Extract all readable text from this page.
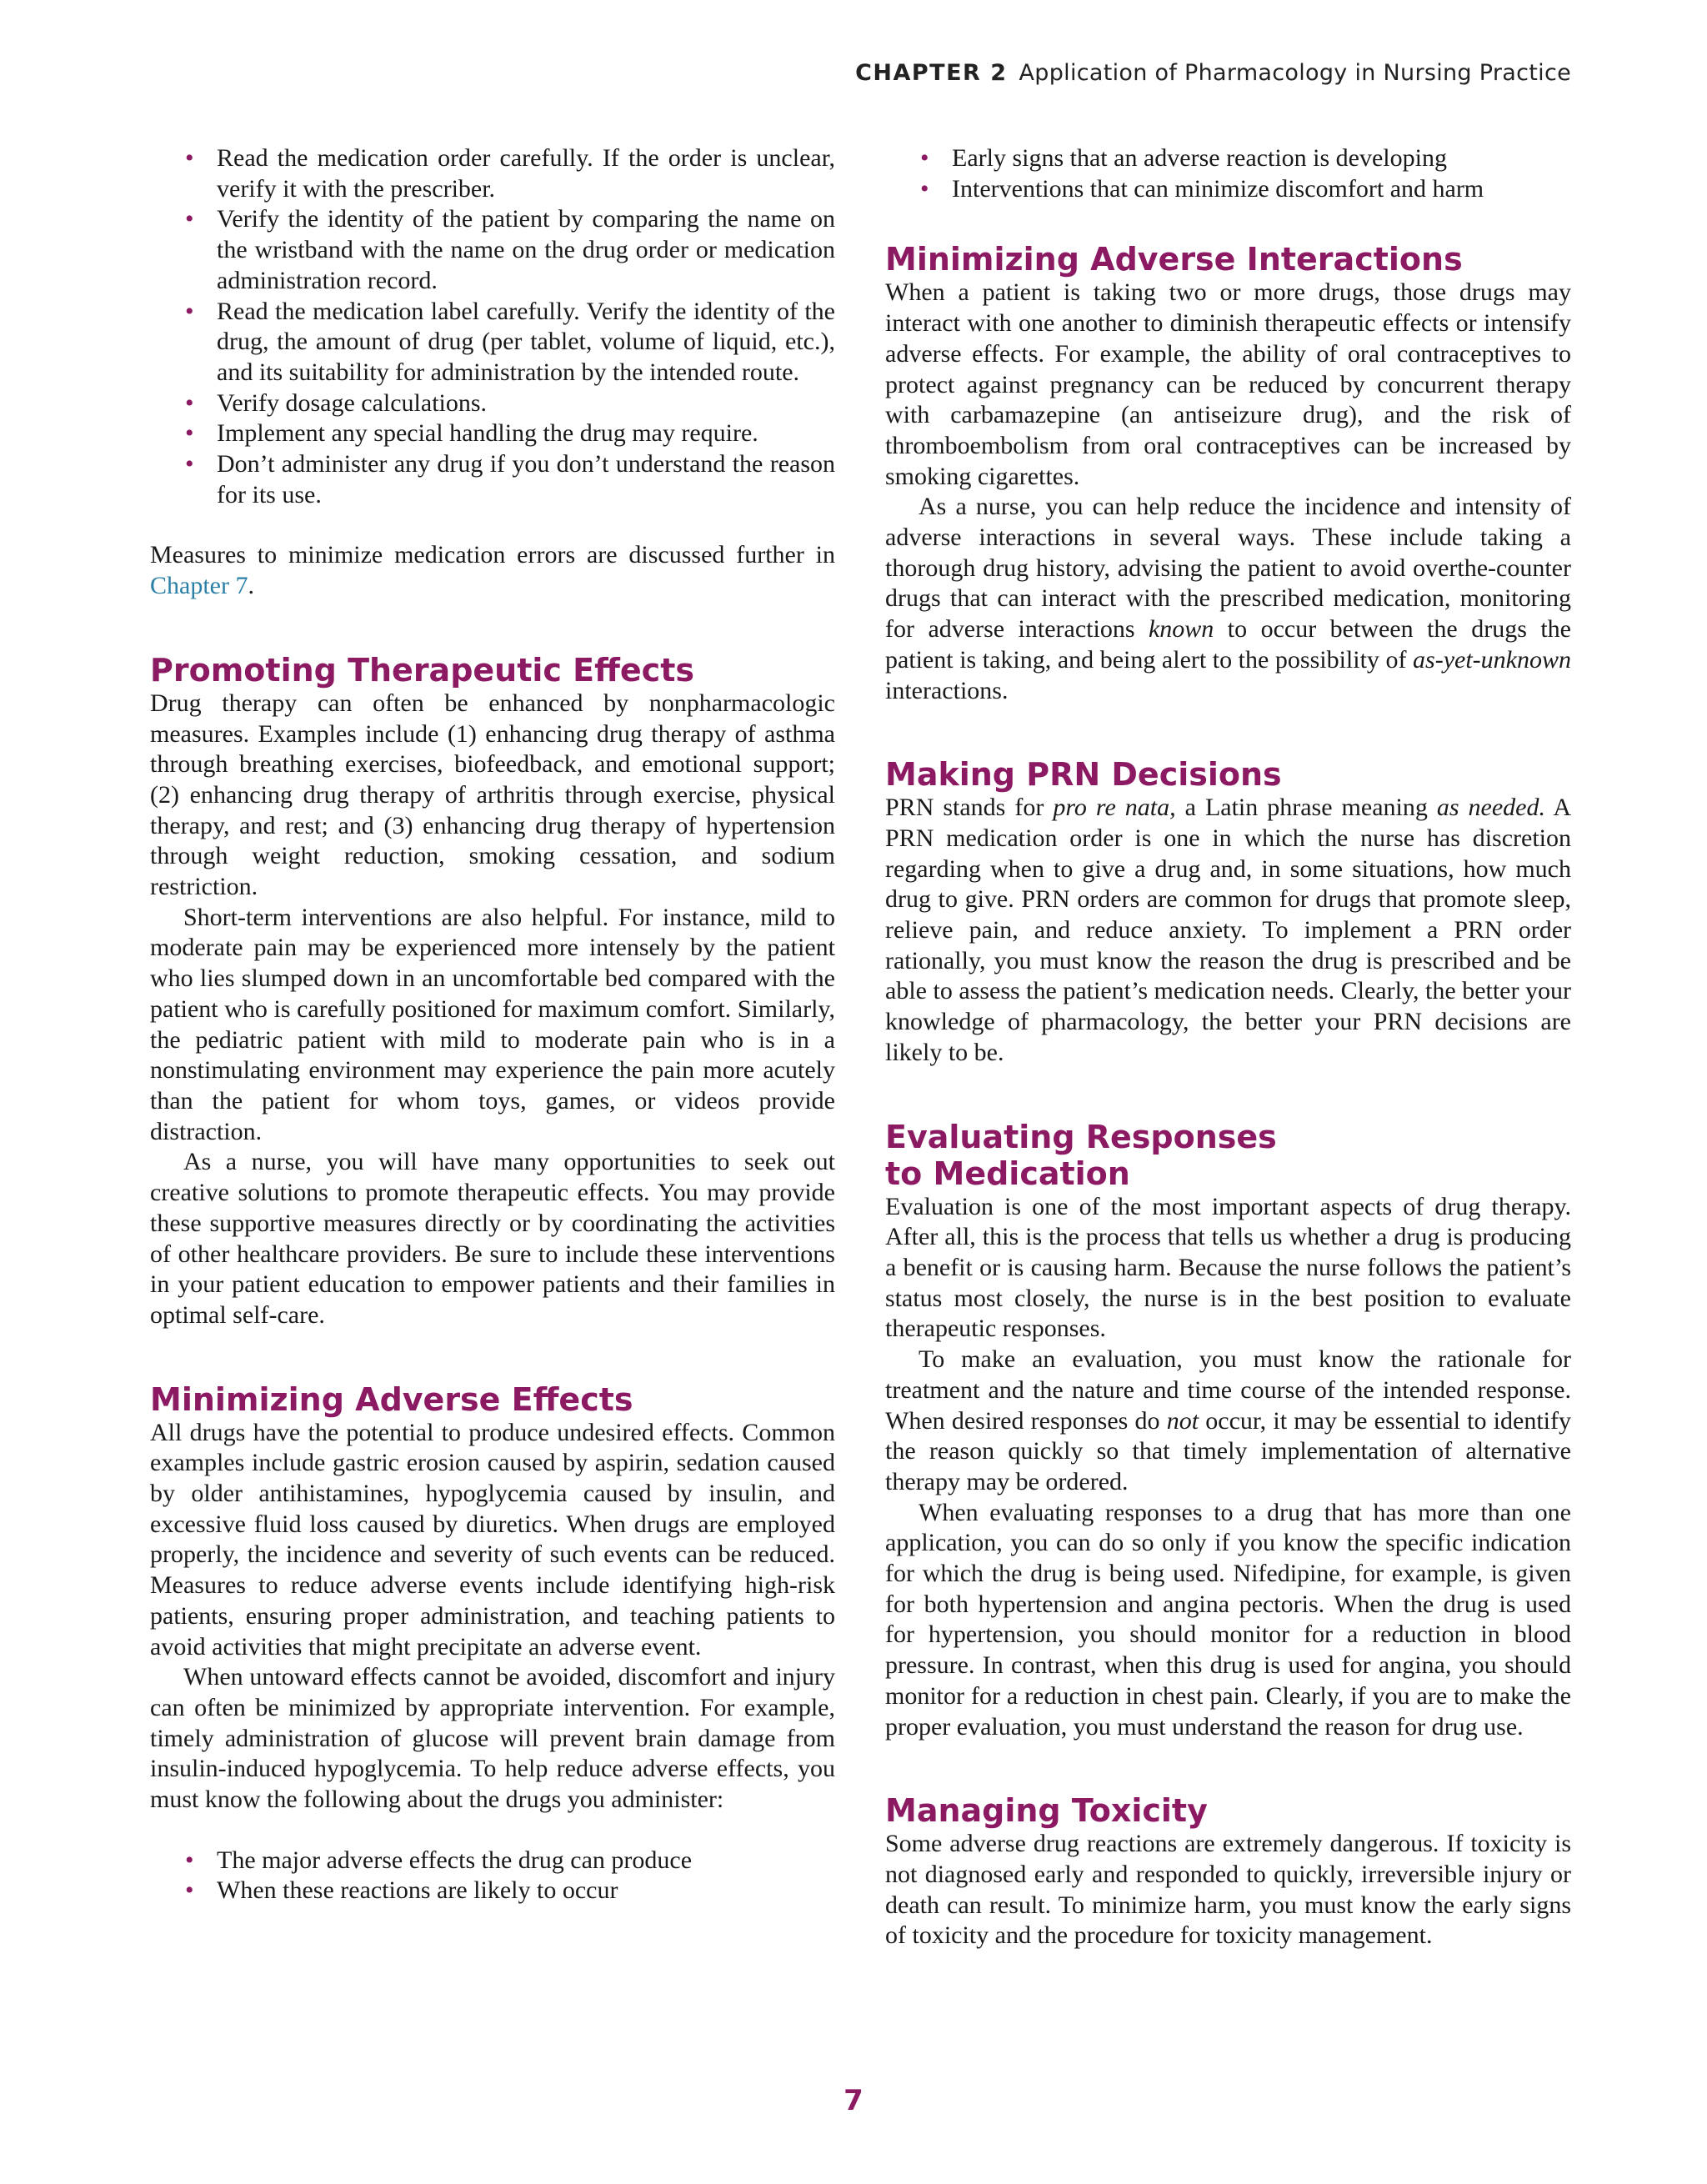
CHAPTER 2 Application of Pharmacology in Nursing Practice
• Read the medication order carefully. If the order is unclear, verify it with the prescriber.
• Verify the identity of the patient by comparing the name on the wristband with the name on the drug order or medication administration record.
• Read the medication label carefully. Verify the identity of the drug, the amount of drug (per tablet, volume of liquid, etc.), and its suitability for administration by the intended route.
• Verify dosage calculations.
• Implement any special handling the drug may require.
• Don’t administer any drug if you don’t understand the reason for its use.

Measures to minimize medication errors are discussed further in Chapter 7.

Promoting Therapeutic Effects

Drug therapy can often be enhanced by nonpharmacologic measures. Examples include (1) enhancing drug therapy of asthma through breathing exercises, biofeedback, and emotional support; (2) enhancing drug therapy of arthritis through exercise, physical therapy, and rest; and (3) enhancing drug therapy of hypertension through weight reduction, smoking cessation, and sodium restriction.

Short-term interventions are also helpful. For instance, mild to moderate pain may be experienced more intensely by the patient who lies slumped down in an uncomfortable bed compared with the patient who is carefully positioned for maximum comfort. Similarly, the pediatric patient with mild to moderate pain who is in a nonstimulating environment may experience the pain more acutely than the patient for whom toys, games, or videos provide distraction.

As a nurse, you will have many opportunities to seek out creative solutions to promote therapeutic effects. You may provide these supportive measures directly or by coordinating the activities of other healthcare providers. Be sure to include these interventions in your patient education to empower patients and their families in optimal self-care.

Minimizing Adverse Effects

All drugs have the potential to produce undesired effects. Common examples include gastric erosion caused by aspirin, sedation caused by older antihistamines, hypoglycemia caused by insulin, and excessive fluid loss caused by diuretics. When drugs are employed properly, the incidence and severity of such events can be reduced. Measures to reduce adverse events include identifying high-risk patients, ensuring proper administration, and teaching patients to avoid activities that might precipitate an adverse event.

When untoward effects cannot be avoided, discomfort and injury can often be minimized by appropriate intervention. For example, timely administration of glucose will prevent brain damage from insulin-induced hypoglycemia. To help reduce adverse effects, you must know the following about the drugs you administer:

• The major adverse effects the drug can produce
• When these reactions are likely to occur
• Early signs that an adverse reaction is developing
• Interventions that can minimize discomfort and harm
Minimizing Adverse Interactions

When a patient is taking two or more drugs, those drugs may interact with one another to diminish therapeutic effects or intensify adverse effects. For example, the ability of oral contraceptives to protect against pregnancy can be reduced by concurrent therapy with carbamazepine (an antiseizure drug), and the risk of thromboembolism from oral contraceptives can be increased by smoking cigarettes.

As a nurse, you can help reduce the incidence and intensity of adverse interactions in several ways. These include taking a thorough drug history, advising the patient to avoid overthe-counter drugs that can interact with the prescribed medication, monitoring for adverse interactions known to occur between the drugs the patient is taking, and being alert to the possibility of as-yet-unknown interactions.

Making PRN Decisions

PRN stands for pro re nata, a Latin phrase meaning as needed. A PRN medication order is one in which the nurse has discretion regarding when to give a drug and, in some situations, how much drug to give. PRN orders are common for drugs that promote sleep, relieve pain, and reduce anxiety. To implement a PRN order rationally, you must know the reason the drug is prescribed and be able to assess the patient’s medication needs. Clearly, the better your knowledge of pharmacology, the better your PRN decisions are likely to be.

Evaluating Responses
to Medication

Evaluation is one of the most important aspects of drug therapy. After all, this is the process that tells us whether a drug is producing a benefit or is causing harm. Because the nurse follows the patient’s status most closely, the nurse is in the best position to evaluate therapeutic responses.

To make an evaluation, you must know the rationale for treatment and the nature and time course of the intended response. When desired responses do not occur, it may be essential to identify the reason quickly so that timely implementation of alternative therapy may be ordered.

When evaluating responses to a drug that has more than one application, you can do so only if you know the specific indication for which the drug is being used. Nifedipine, for example, is given for both hypertension and angina pectoris. When the drug is used for hypertension, you should monitor for a reduction in blood pressure. In contrast, when this drug is used for angina, you should monitor for a reduction in chest pain. Clearly, if you are to make the proper evaluation, you must understand the reason for drug use.

Managing Toxicity

Some adverse drug reactions are extremely dangerous. If toxicity is not diagnosed early and responded to quickly, irreversible injury or death can result. To minimize harm, you must know the early signs of toxicity and the procedure for toxicity management.

7
